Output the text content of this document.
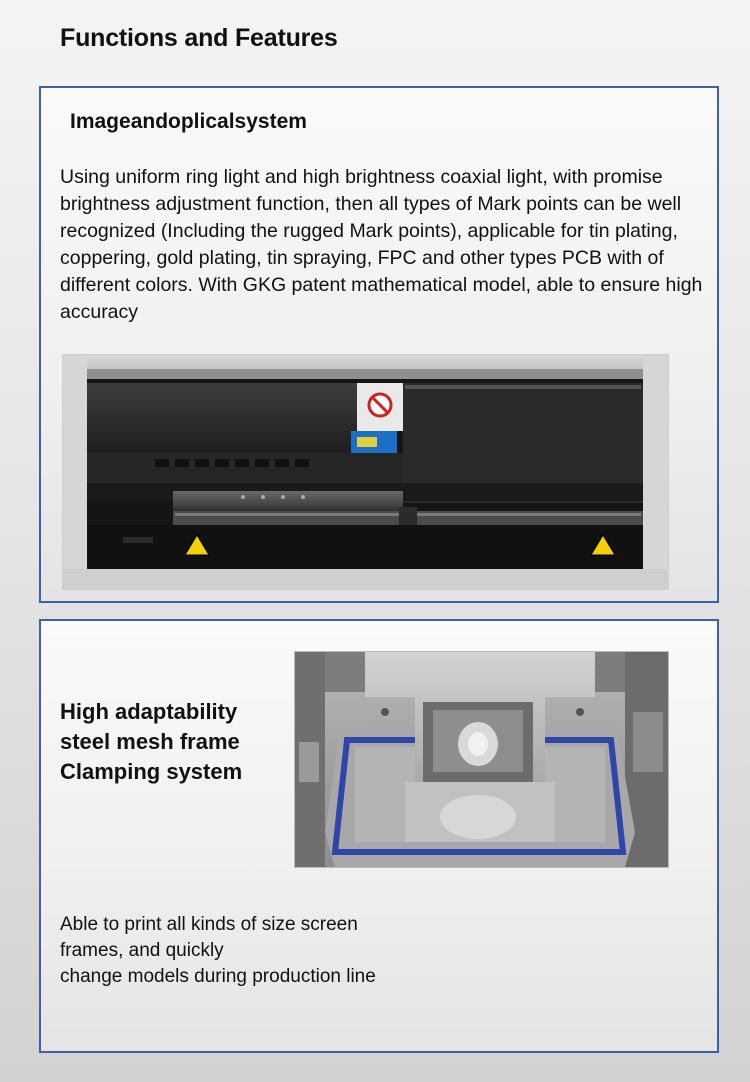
Functions and Features
Imageandoplicalsystem

Using uniform ring light and high brightness coaxial light, with promise brightness adjustment function, then all types of Mark points can be well recognized (Including the rugged Mark points), applicable for tin plating, coppering, gold plating, tin spraying, FPC and other types PCB with of different colors. With GKG patent mathematical model, able to ensure high accuracy

High adaptability
steel mesh frame
Clamping system

Able to print all kinds of size screen
frames, and quickly
change models during production line
